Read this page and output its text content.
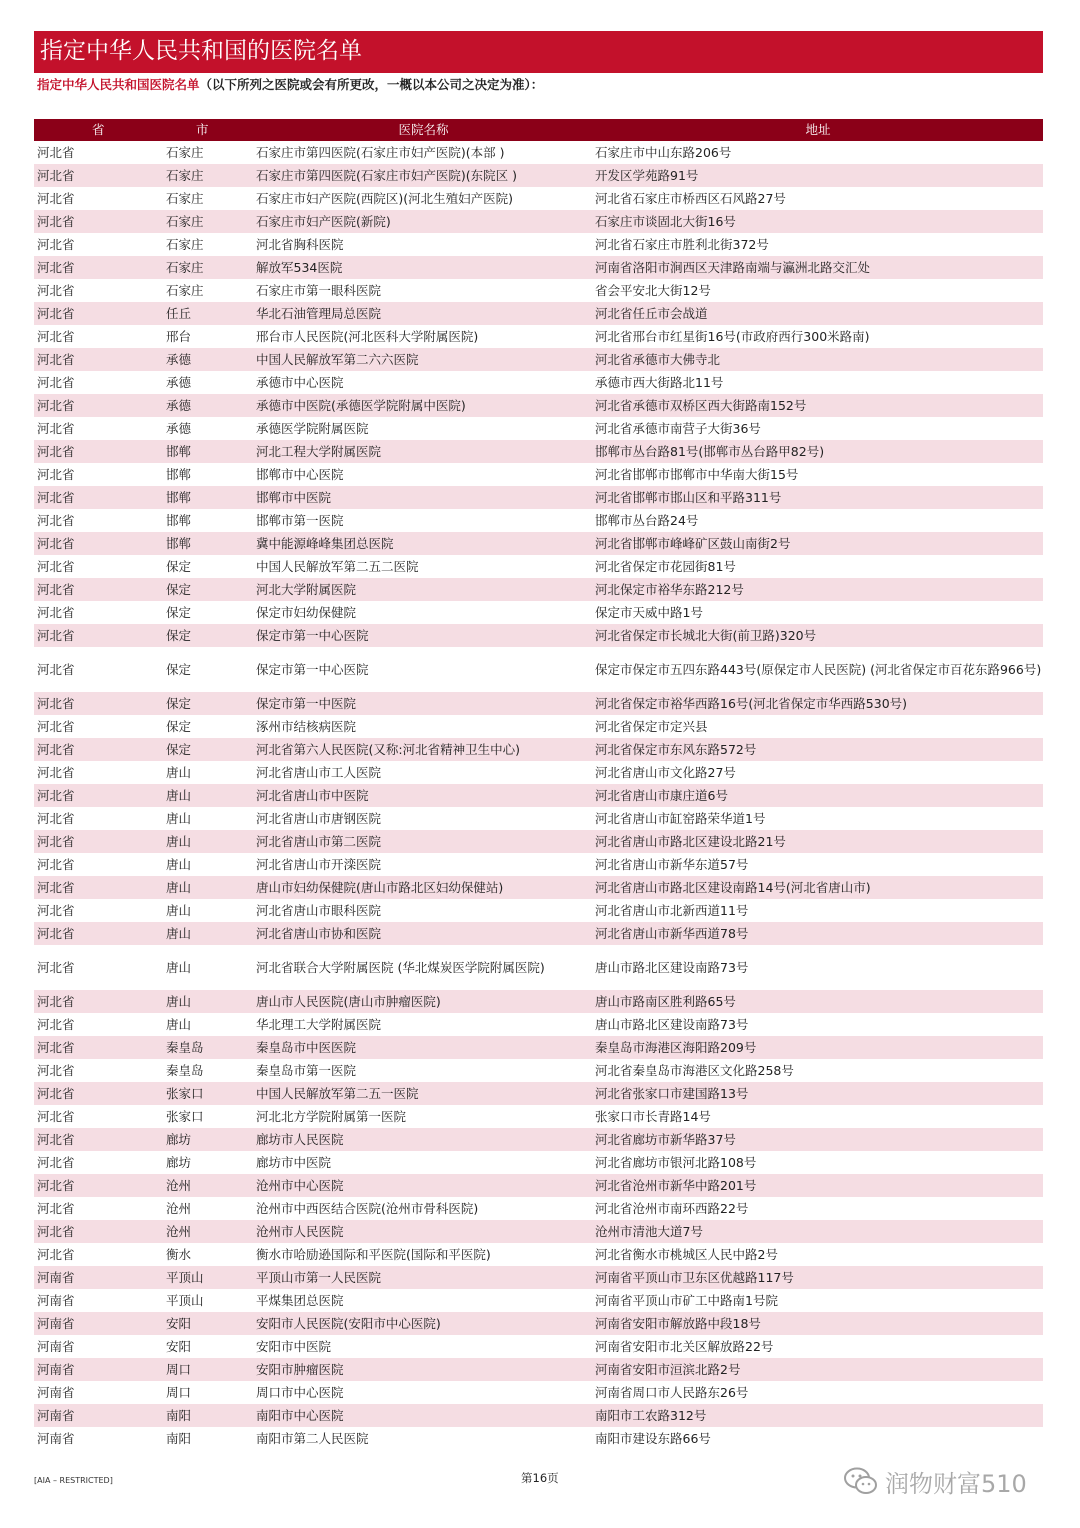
指定中华人民共和国的医院名单
指定中华人民共和国医院名单（以下所列之医院或会有所更改，一概以本公司之决定为准）：
省	市	医院名称	地址
河北省	石家庄	石家庄市第四医院(石家庄市妇产医院)(本部 )	石家庄市中山东路206号
河北省	石家庄	石家庄市第四医院(石家庄市妇产医院)(东院区 )	开发区学苑路91号
河北省	石家庄	石家庄市妇产医院(西院区)(河北生殖妇产医院)	河北省石家庄市桥西区石风路27号
河北省	石家庄	石家庄市妇产医院(新院)	石家庄市谈固北大街16号
河北省	石家庄	河北省胸科医院	河北省石家庄市胜利北街372号
河北省	石家庄	解放军534医院	河南省洛阳市涧西区天津路南端与瀛洲北路交汇处
河北省	石家庄	石家庄市第一眼科医院	省会平安北大街12号
河北省	任丘	华北石油管理局总医院	河北省任丘市会战道
河北省	邢台	邢台市人民医院(河北医科大学附属医院)	河北省邢台市红星街16号(市政府西行300米路南)
河北省	承德	中国人民解放军第二六六医院	河北省承德市大佛寺北
河北省	承德	承德市中心医院	承德市西大街路北11号
河北省	承德	承德市中医院(承德医学院附属中医院)	河北省承德市双桥区西大街路南152号
河北省	承德	承德医学院附属医院	河北省承德市南营子大街36号
河北省	邯郸	河北工程大学附属医院	邯郸市丛台路81号(邯郸市丛台路甲82号)
河北省	邯郸	邯郸市中心医院	河北省邯郸市邯郸市中华南大街15号
河北省	邯郸	邯郸市中医院	河北省邯郸市邯山区和平路311号
河北省	邯郸	邯郸市第一医院	邯郸市丛台路24号
河北省	邯郸	冀中能源峰峰集团总医院	河北省邯郸市峰峰矿区鼓山南街2号
河北省	保定	中国人民解放军第二五二医院	河北省保定市花园街81号
河北省	保定	河北大学附属医院	河北保定市裕华东路212号
河北省	保定	保定市妇幼保健院	保定市天威中路1号
河北省	保定	保定市第一中心医院	河北省保定市长城北大街(前卫路)320号
河北省	保定	保定市第一中心医院	保定市保定市五四东路443号(原保定市人民医院) (河北省保定市百花东路966号)
河北省	保定	保定市第一中医院	河北省保定市裕华西路16号(河北省保定市华西路530号)
河北省	保定	涿州市结核病医院	河北省保定市定兴县
河北省	保定	河北省第六人民医院(又称:河北省精神卫生中心)	河北省保定市东风东路572号
河北省	唐山	河北省唐山市工人医院	河北省唐山市文化路27号
河北省	唐山	河北省唐山市中医院	河北省唐山市康庄道6号
河北省	唐山	河北省唐山市唐钢医院	河北省唐山市缸窑路荣华道1号
河北省	唐山	河北省唐山市第二医院	河北省唐山市路北区建设北路21号
河北省	唐山	河北省唐山市开滦医院	河北省唐山市新华东道57号
河北省	唐山	唐山市妇幼保健院(唐山市路北区妇幼保健站)	河北省唐山市路北区建设南路14号(河北省唐山市)
河北省	唐山	河北省唐山市眼科医院	河北省唐山市北新西道11号
河北省	唐山	河北省唐山市协和医院	河北省唐山市新华西道78号
河北省	唐山	河北省联合大学附属医院 (华北煤炭医学院附属医院)	唐山市路北区建设南路73号
河北省	唐山	唐山市人民医院(唐山市肿瘤医院)	唐山市路南区胜利路65号
河北省	唐山	华北理工大学附属医院	唐山市路北区建设南路73号
河北省	秦皇岛	秦皇岛市中医医院	秦皇岛市海港区海阳路209号
河北省	秦皇岛	秦皇岛市第一医院	河北省秦皇岛市海港区文化路258号
河北省	张家口	中国人民解放军第二五一医院	河北省张家口市建国路13号
河北省	张家口	河北北方学院附属第一医院	张家口市长青路14号
河北省	廊坊	廊坊市人民医院	河北省廊坊市新华路37号
河北省	廊坊	廊坊市中医院	河北省廊坊市银河北路108号
河北省	沧州	沧州市中心医院	河北省沧州市新华中路201号
河北省	沧州	沧州市中西医结合医院(沧州市骨科医院)	河北省沧州市南环西路22号
河北省	沧州	沧州市人民医院	沧州市清池大道7号
河北省	衡水	衡水市哈励逊国际和平医院(国际和平医院)	河北省衡水市桃城区人民中路2号
河南省	平顶山	平顶山市第一人民医院	河南省平顶山市卫东区优越路117号
河南省	平顶山	平煤集团总医院	河南省平顶山市矿工中路南1号院
河南省	安阳	安阳市人民医院(安阳市中心医院)	河南省安阳市解放路中段18号
河南省	安阳	安阳市中医院	河南省安阳市北关区解放路22号
河南省	周口	安阳市肿瘤医院	河南省安阳市洹滨北路2号
河南省	周口	周口市中心医院	河南省周口市人民路东26号
河南省	南阳	南阳市中心医院	南阳市工农路312号
河南省	南阳	南阳市第二人民医院	南阳市建设东路66号
[AIA – RESTRICTED]	第16页	润物财富510
